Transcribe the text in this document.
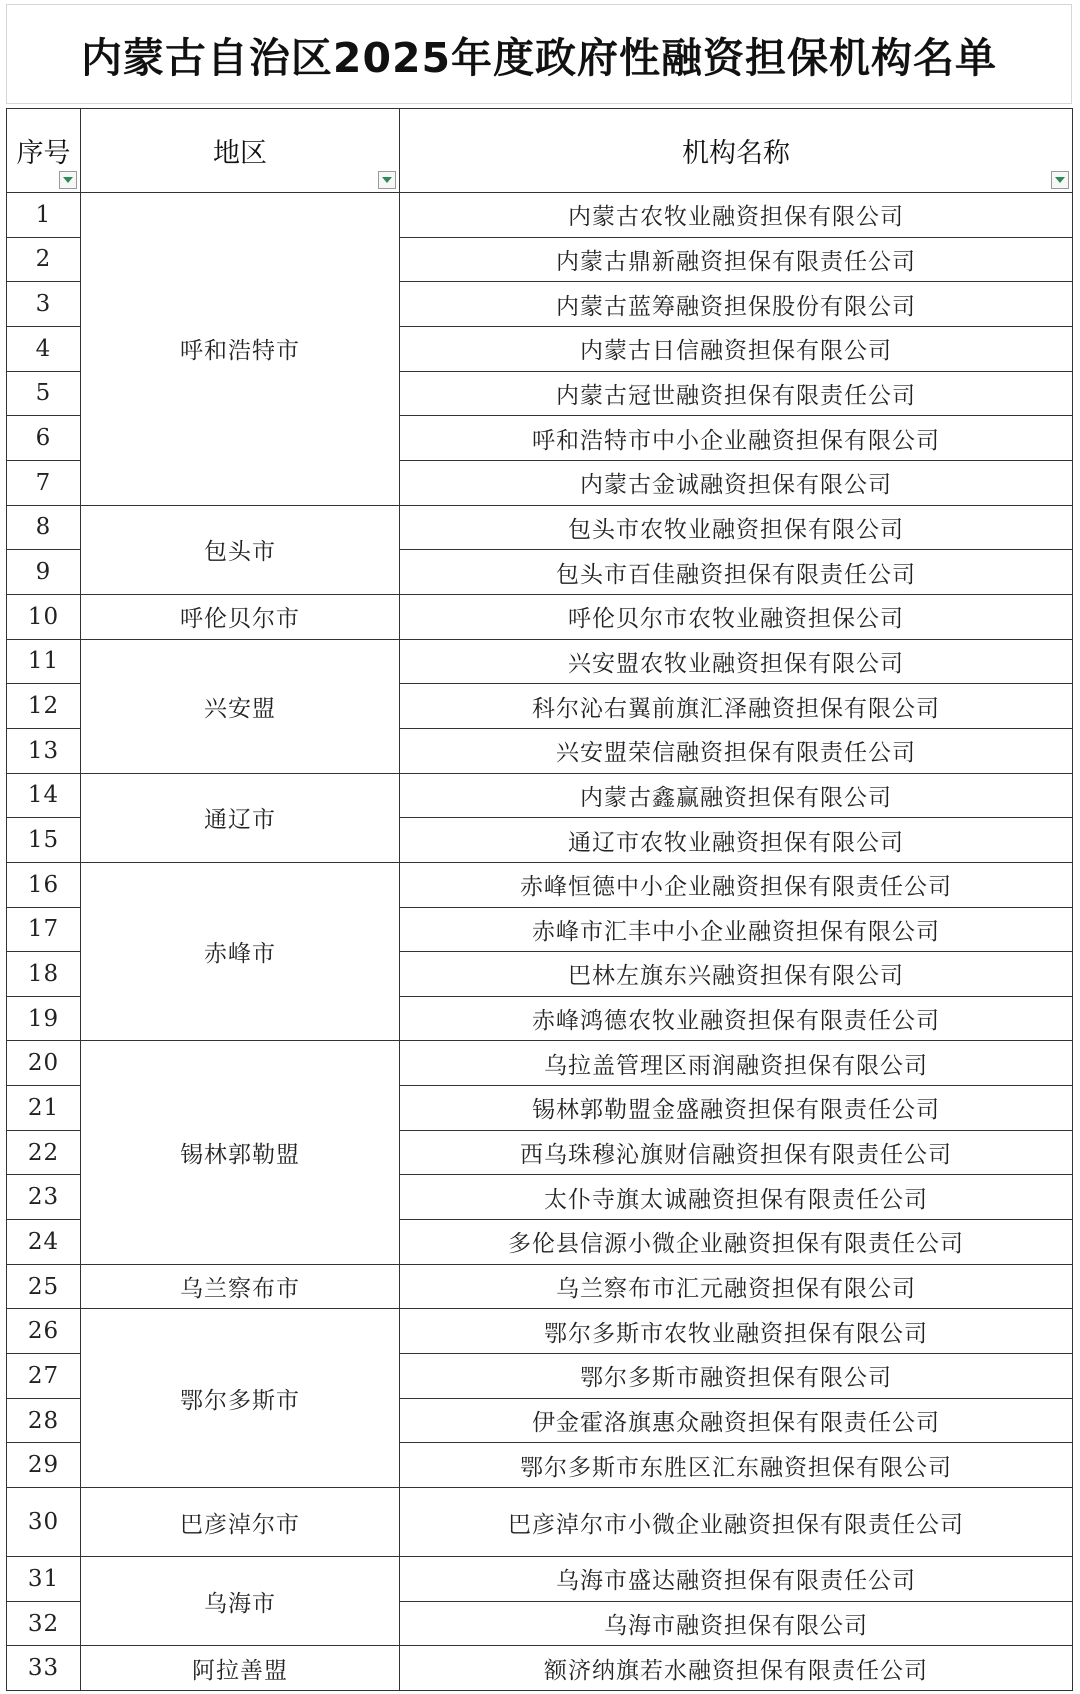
内蒙古自治区2025年度政府性融资担保机构名单
序号	地区	机构名称

1	呼和浩特市	内蒙古农牧业融资担保有限公司
2		内蒙古鼎新融资担保有限责任公司
3		内蒙古蓝筹融资担保股份有限公司
4		内蒙古日信融资担保有限公司
5		内蒙古冠世融资担保有限责任公司
6		呼和浩特市中小企业融资担保有限公司
7		内蒙古金诚融资担保有限公司
8	包头市	包头市农牧业融资担保有限公司
9		包头市百佳融资担保有限责任公司
10	呼伦贝尔市	呼伦贝尔市农牧业融资担保公司
11	兴安盟	兴安盟农牧业融资担保有限公司
12		科尔沁右翼前旗汇泽融资担保有限公司
13		兴安盟荣信融资担保有限责任公司
14	通辽市	内蒙古鑫赢融资担保有限公司
15		通辽市农牧业融资担保有限公司
16	赤峰市	赤峰恒德中小企业融资担保有限责任公司
17		赤峰市汇丰中小企业融资担保有限公司
18		巴林左旗东兴融资担保有限公司
19		赤峰鸿德农牧业融资担保有限责任公司
20	锡林郭勒盟	乌拉盖管理区雨润融资担保有限公司
21		锡林郭勒盟金盛融资担保有限责任公司
22		西乌珠穆沁旗财信融资担保有限责任公司
23		太仆寺旗太诚融资担保有限责任公司
24		多伦县信源小微企业融资担保有限责任公司
25	乌兰察布市	乌兰察布市汇元融资担保有限公司
26	鄂尔多斯市	鄂尔多斯市农牧业融资担保有限公司
27		鄂尔多斯市融资担保有限公司
28		伊金霍洛旗惠众融资担保有限责任公司
29		鄂尔多斯市东胜区汇东融资担保有限公司
30	巴彦淖尔市	巴彦淖尔市小微企业融资担保有限责任公司
31	乌海市	乌海市盛达融资担保有限责任公司
32		乌海市融资担保有限公司
33	阿拉善盟	额济纳旗若水融资担保有限责任公司
